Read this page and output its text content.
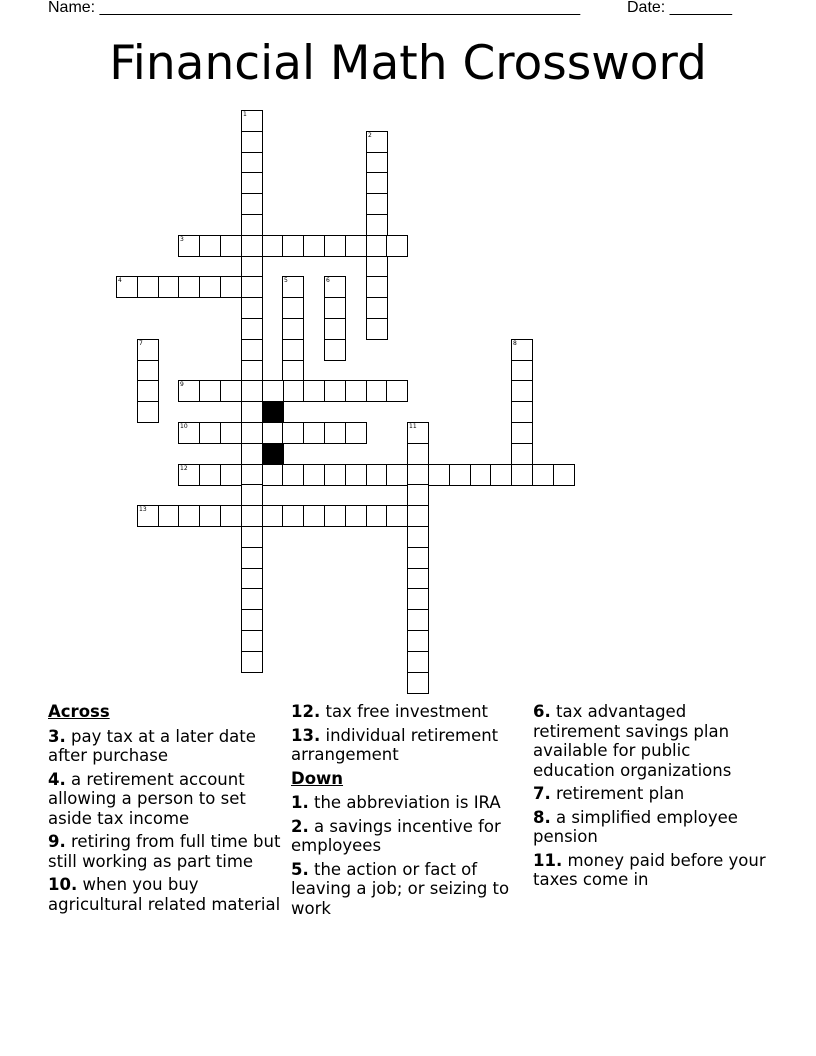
Name: ______________________________________________________	Date: _______
Financial Math Crossword
1
2
3
4	5	6
7	8
9
10	11
12
13
Across
3. pay tax at a later date after purchase
4. a retirement account allowing a person to set aside tax income
9. retiring from full time but still working as part time
10. when you buy agricultural related material
12. tax free investment
13. individual retirement arrangement
Down
1. the abbreviation is IRA
2. a savings incentive for employees
5. the action or fact of leaving a job; or seizing to work
6. tax advantaged retirement savings plan available for public education organizations
7. retirement plan
8. a simplified employee pension
11. money paid before your taxes come in
